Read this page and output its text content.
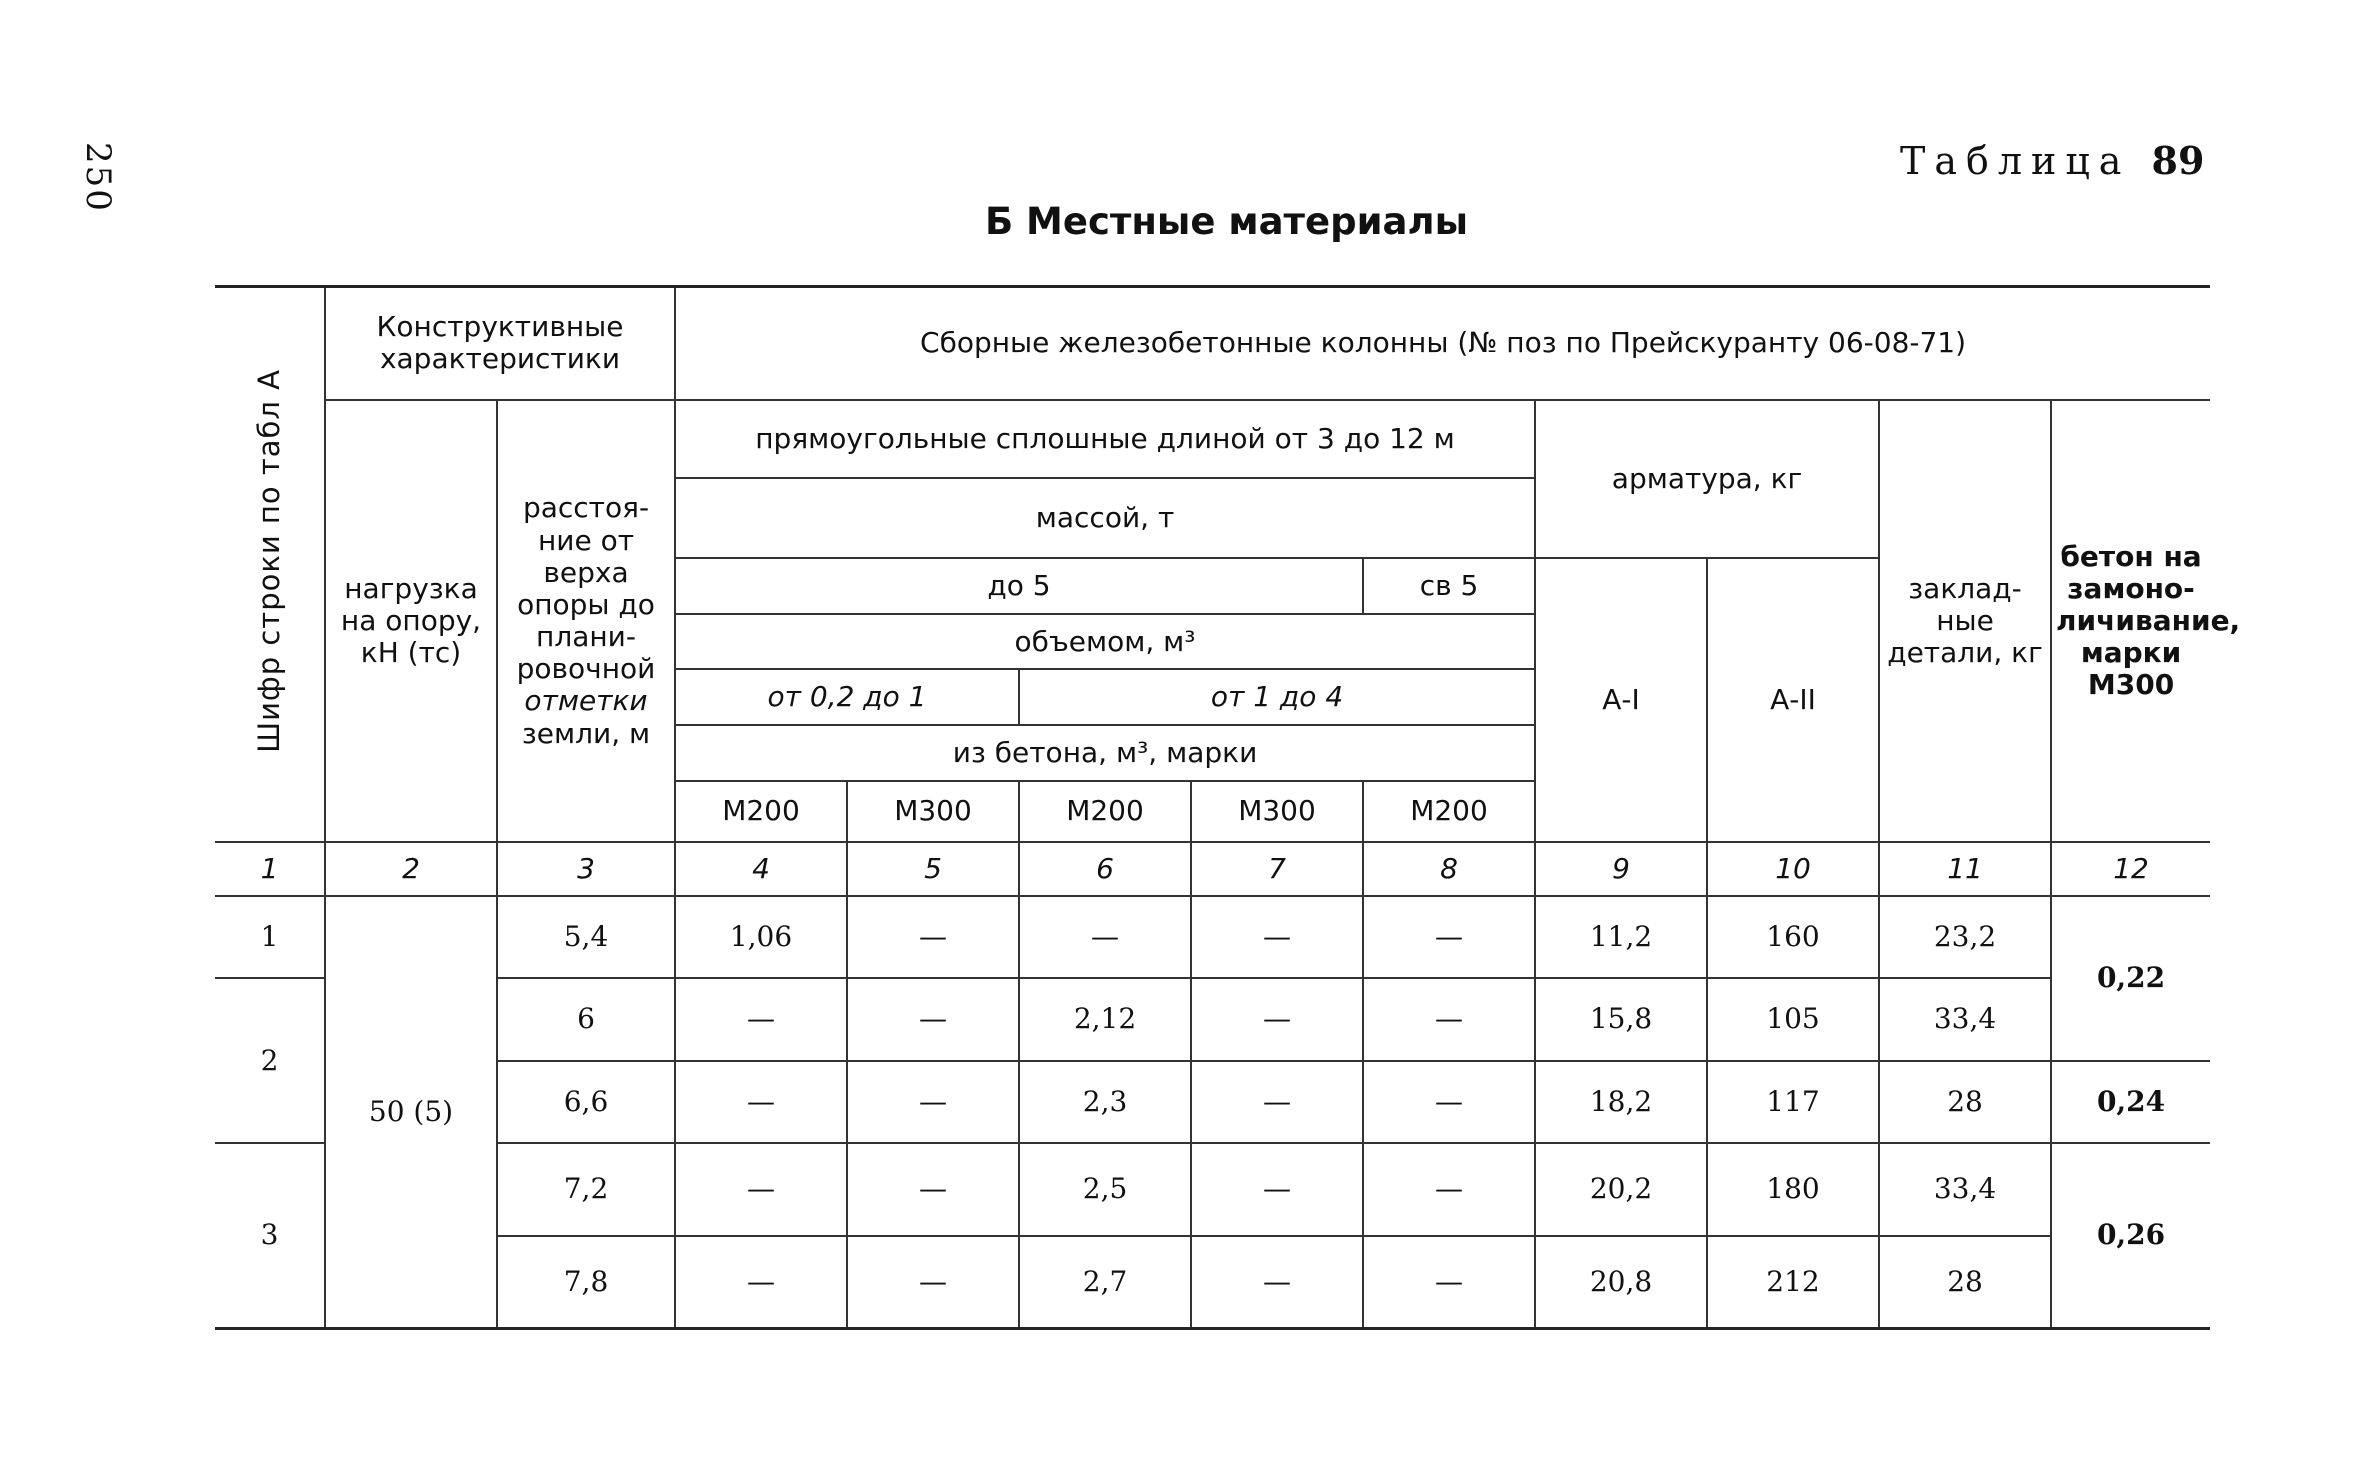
250	Таблица 89
Б Местные материалы
Шифр строки по табл А	Конструктивные характеристики		Сборные железобетонные колонны (№ поз по Прейскуранту 06-08-71)								
	нагрузка на опору, кН (тс)	расстоя-ние от верха опоры до плани-ровочной отметки земли, м	прямоугольные сплошные длиной от 3 до 12 м					арматура, кг		заклад-ные детали, кг	бетон на замоно-личивание, марки М300
			массой, т								
			до 5				св 5	А-I	А-II		
			объемом, м³								
			от 0,2 до 1		от 1 до 4						
			из бетона, м³, марки								
			М200	М300	М200	М300	М200				
1	2	3	4	5	6	7	8	9	10	11	12
1	50 (5)	5,4	1,06	—	—	—	—	11,2	160	23,2	0,22
2		6	—	—	2,12	—	—	15,8	105	33,4	
		6,6	—	—	2,3	—	—	18,2	117	28	0,24
3		7,2	—	—	2,5	—	—	20,2	180	33,4	0,26
		7,8	—	—	2,7	—	—	20,8	212	28	
